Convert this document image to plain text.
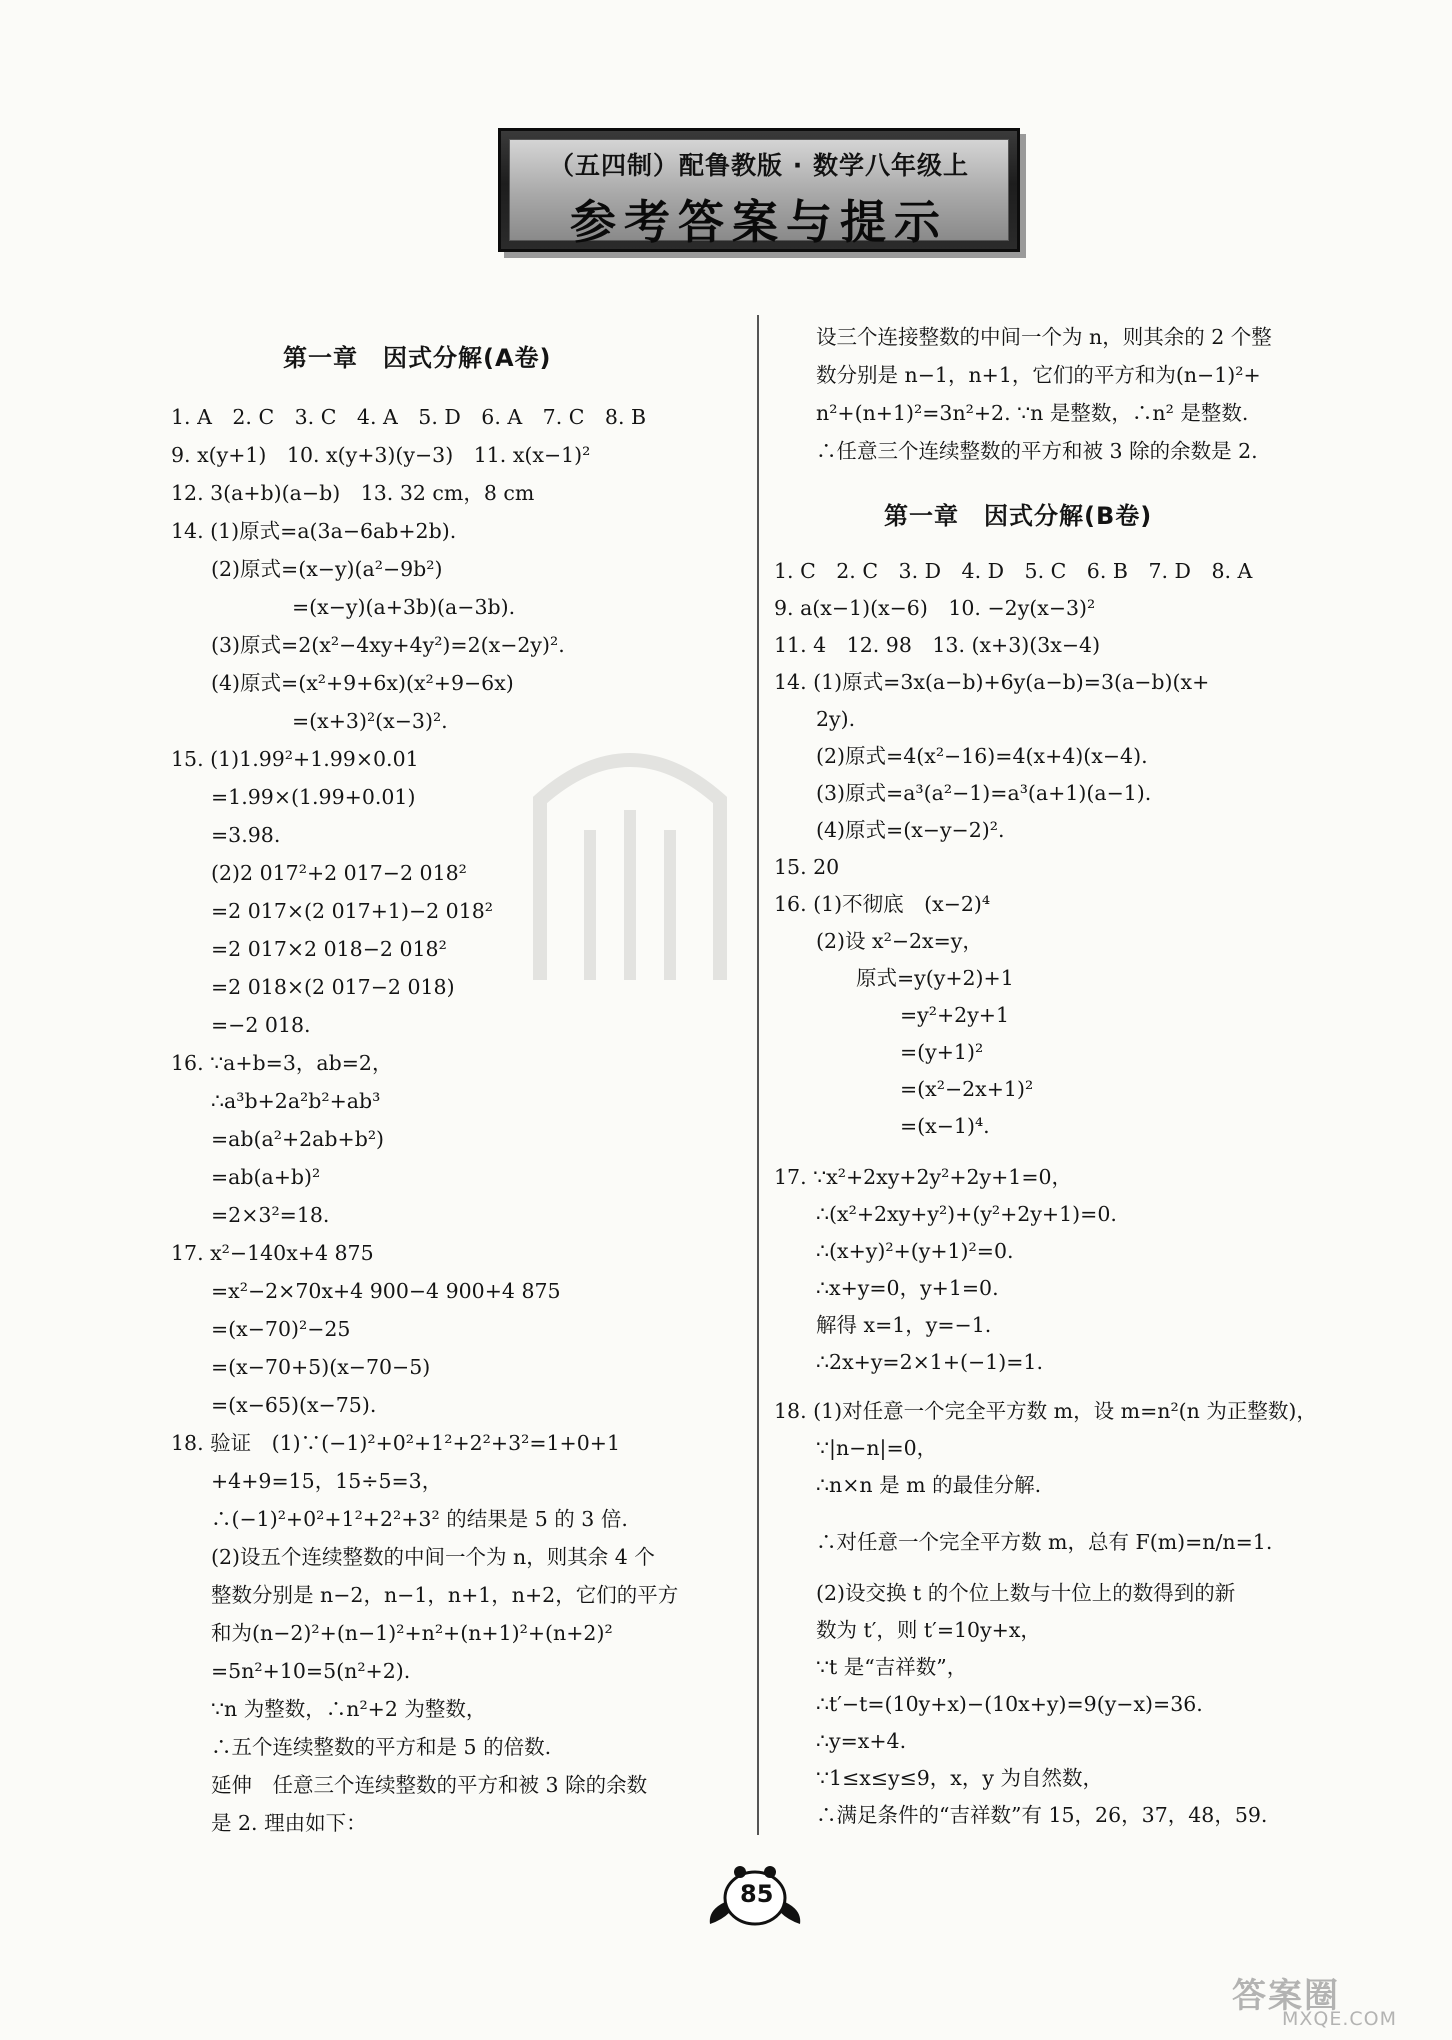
（五四制）配鲁教版 · 数学八年级上
参考答案与提示
第一章　因式分解(A卷)
第一章　因式分解(B卷)
1. A　2. C　3. C　4. A　5. D　6. A　7. C　8. B
9. x(y+1)　10. x(y+3)(y−3)　11. x(x−1)²
12. 3(a+b)(a−b)　13. 32 cm，8 cm
14. (1)原式=a(3a−6ab+2b).
(2)原式=(x−y)(a²−9b²)
=(x−y)(a+3b)(a−3b).
(3)原式=2(x²−4xy+4y²)=2(x−2y)².
(4)原式=(x²+9+6x)(x²+9−6x)
=(x+3)²(x−3)².
15. (1)1.99²+1.99×0.01
=1.99×(1.99+0.01)
=3.98.
(2)2 017²+2 017−2 018²
=2 017×(2 017+1)−2 018²
=2 017×2 018−2 018²
=2 018×(2 017−2 018)
=−2 018.
16. ∵a+b=3，ab=2，
∴a³b+2a²b²+ab³
=ab(a²+2ab+b²)
=ab(a+b)²
=2×3²=18.
17. x²−140x+4 875
=x²−2×70x+4 900−4 900+4 875
=(x−70)²−25
=(x−70+5)(x−70−5)
=(x−65)(x−75).
18. 验证　(1)∵(−1)²+0²+1²+2²+3²=1+0+1
+4+9=15，15÷5=3，
∴(−1)²+0²+1²+2²+3² 的结果是 5 的 3 倍.
(2)设五个连续整数的中间一个为 n，则其余 4 个
整数分别是 n−2，n−1，n+1，n+2，它们的平方
和为(n−2)²+(n−1)²+n²+(n+1)²+(n+2)²
=5n²+10=5(n²+2).
∵n 为整数，∴n²+2 为整数，
∴五个连续整数的平方和是 5 的倍数.
延伸　任意三个连续整数的平方和被 3 除的余数
是 2. 理由如下：
设三个连接整数的中间一个为 n，则其余的 2 个整
数分别是 n−1，n+1，它们的平方和为(n−1)²+
n²+(n+1)²=3n²+2. ∵n 是整数，∴n² 是整数.
∴任意三个连续整数的平方和被 3 除的余数是 2.
1. C　2. C　3. D　4. D　5. C　6. B　7. D　8. A
9. a(x−1)(x−6)　10. −2y(x−3)²
11. 4　12. 98　13. (x+3)(3x−4)
14. (1)原式=3x(a−b)+6y(a−b)=3(a−b)(x+
2y).
(2)原式=4(x²−16)=4(x+4)(x−4).
(3)原式=a³(a²−1)=a³(a+1)(a−1).
(4)原式=(x−y−2)².
15. 20
16. (1)不彻底　(x−2)⁴
(2)设 x²−2x=y，
原式=y(y+2)+1
=y²+2y+1
=(y+1)²
=(x²−2x+1)²
=(x−1)⁴.
17. ∵x²+2xy+2y²+2y+1=0，
∴(x²+2xy+y²)+(y²+2y+1)=0.
∴(x+y)²+(y+1)²=0.
∴x+y=0，y+1=0.
解得 x=1，y=−1.
∴2x+y=2×1+(−1)=1.
18. (1)对任意一个完全平方数 m，设 m=n²(n 为正整数)，
∵|n−n|=0，
∴n×n 是 m 的最佳分解.
∴对任意一个完全平方数 m，总有 F(m)=n/n=1.
(2)设交换 t 的个位上数与十位上的数得到的新
数为 t′，则 t′=10y+x，
∵t 是“吉祥数”，
∴t′−t=(10y+x)−(10x+y)=9(y−x)=36.
∴y=x+4.
∵1≤x≤y≤9，x，y 为自然数，
∴满足条件的“吉祥数”有 15，26，37，48，59.
85
答案圈
MXQE.COM
